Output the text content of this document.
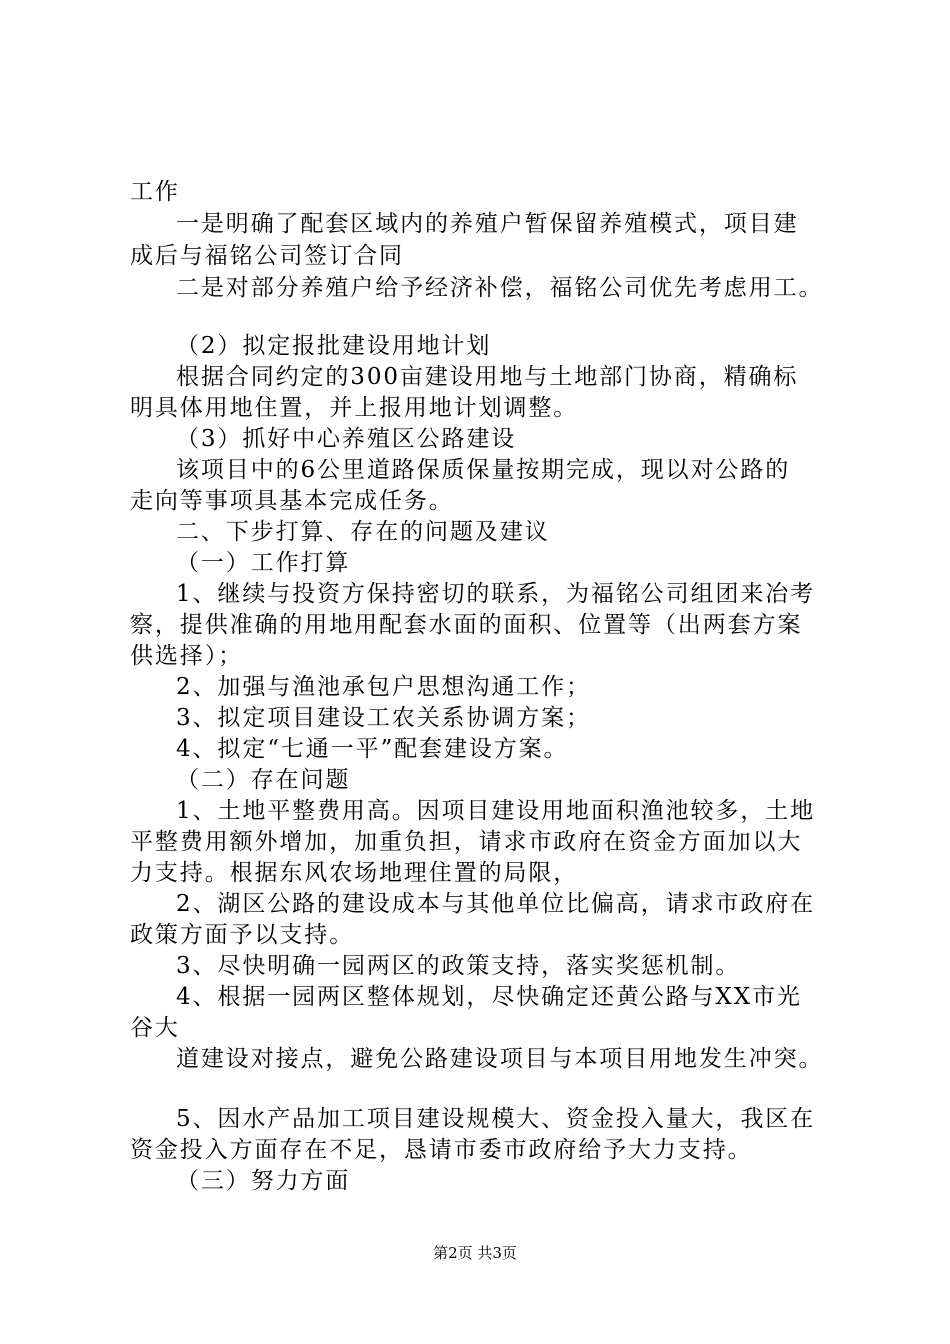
工作
一是明确了配套区域内的养殖户暂保留养殖模式，项目建
成后与福铭公司签订合同
二是对部分养殖户给予经济补偿，福铭公司优先考虑用工。
（2）拟定报批建设用地计划
根据合同约定的300亩建设用地与土地部门协商，精确标
明具体用地住置，并上报用地计划调整。
（3）抓好中心养殖区公路建设
该项目中的6公里道路保质保量按期完成，现以对公路的
走向等事项具基本完成任务。
二、下步打算、存在的问题及建议
（一）工作打算
1、继续与投资方保持密切的联系，为福铭公司组团来冶考
察，提供准确的用地用配套水面的面积、位置等（出两套方案
供选择）；
2、加强与渔池承包户思想沟通工作；
3、拟定项目建设工农关系协调方案；
4、拟定“七通一平”配套建设方案。
（二）存在问题
1、土地平整费用高。因项目建设用地面积渔池较多，土地
平整费用额外增加，加重负担，请求市政府在资金方面加以大
力支持。根据东风农场地理住置的局限，
2、湖区公路的建设成本与其他单位比偏高，请求市政府在
政策方面予以支持。
3、尽快明确一园两区的政策支持，落实奖惩机制。
4、根据一园两区整体规划，尽快确定还黄公路与XX市光
谷大
道建设对接点，避免公路建设项目与本项目用地发生冲突。
5、因水产品加工项目建设规模大、资金投入量大，我区在
资金投入方面存在不足，恳请市委市政府给予大力支持。
（三）努力方面
第2页 共3页
